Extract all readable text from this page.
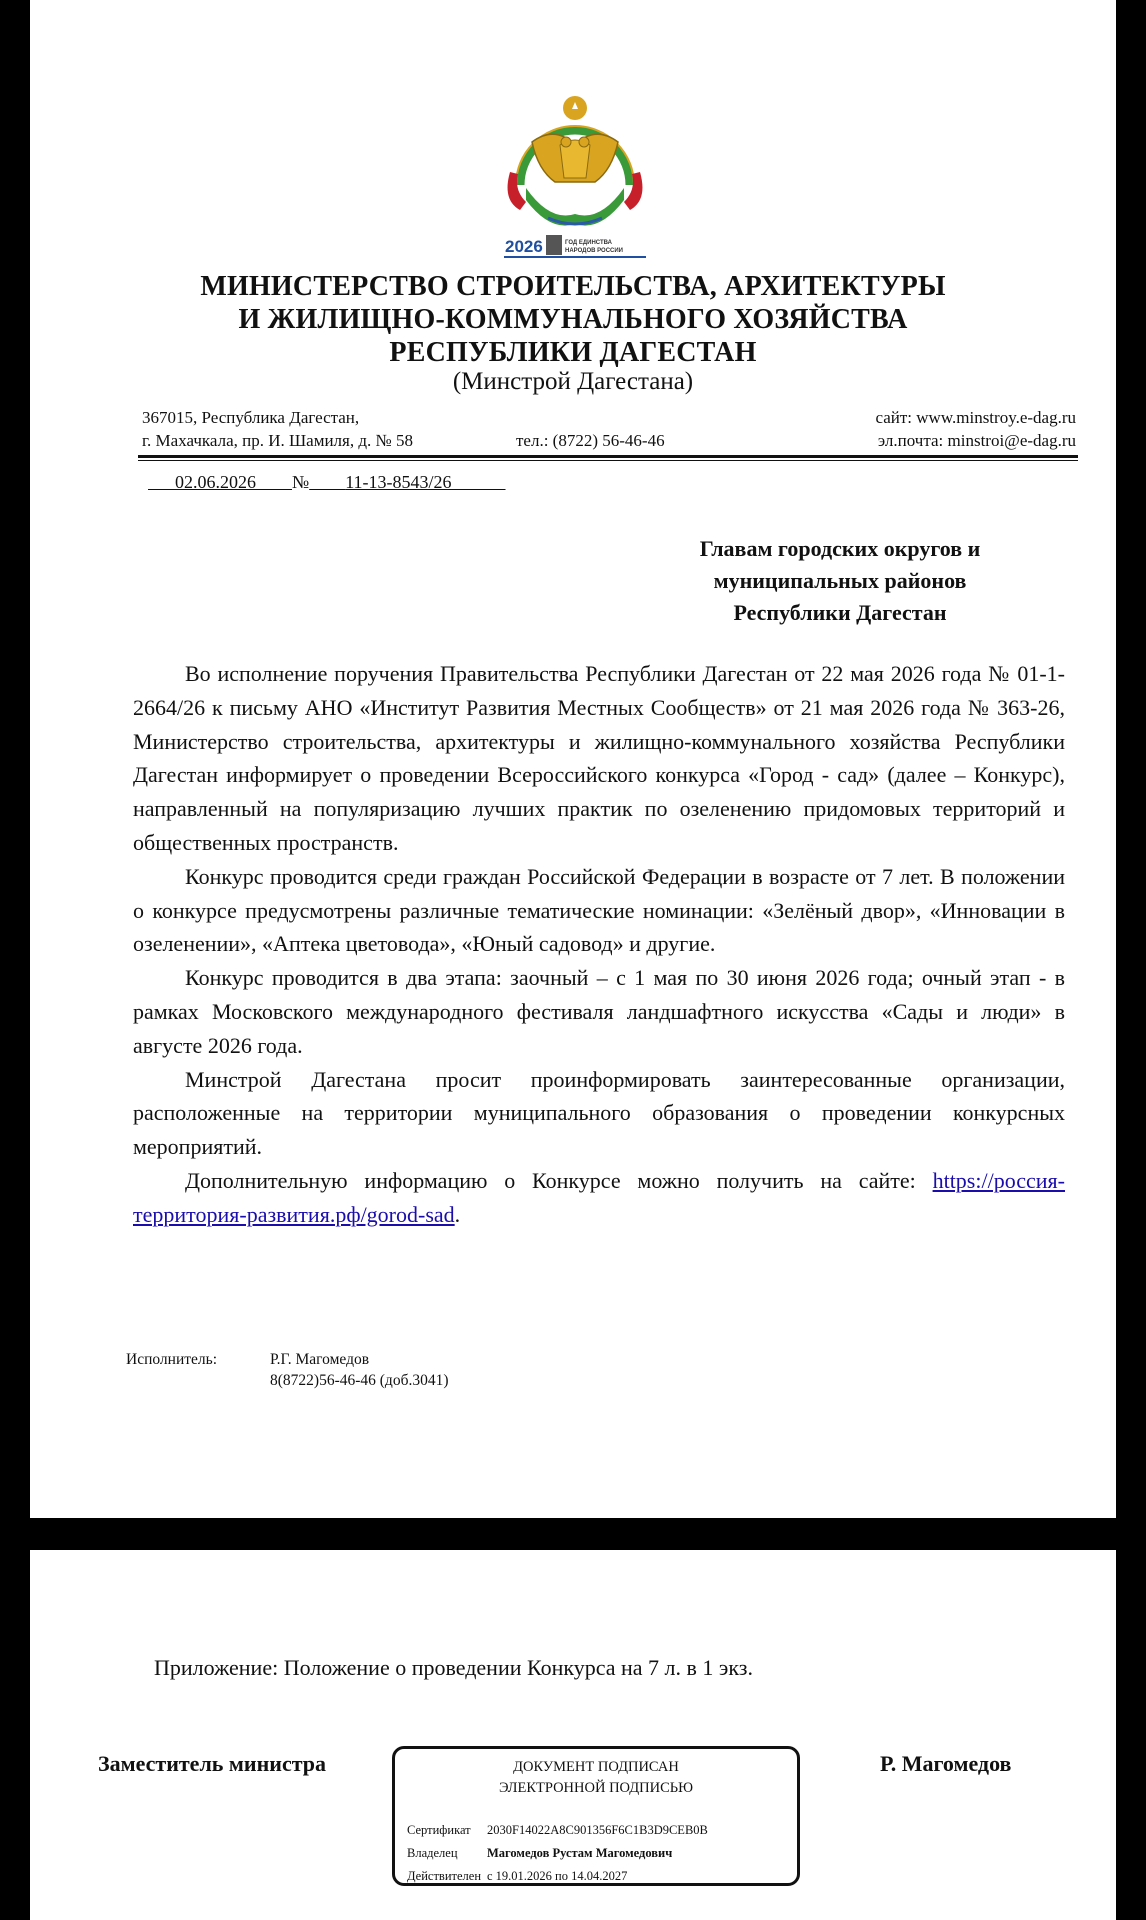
2026	ГОД ЕДИНСТВА
НАРОДОВ РОССИИ
МИНИСТЕРСТВО СТРОИТЕЛЬСТВА, АРХИТЕКТУРЫ
И ЖИЛИЩНО-КОММУНАЛЬНОГО ХОЗЯЙСТВА
РЕСПУБЛИКИ ДАГЕСТАН
(Минстрой Дагестана)
367015, Республика Дагестан,
г. Махачкала, пр. И. Шамиля, д. № 58	тел.: (8722) 56-46-46
сайт: www.minstroy.e-dag.ru
эл.почта: minstroi@e-dag.ru
02.06.2026 № 11-13-8543/26
Главам городских округов и
муниципальных районов
Республики Дагестан

Во исполнение поручения Правительства Республики Дагестан от 22 мая 2026 года № 01-1-2664/26 к письму АНО «Институт Развития Местных Сообществ» от 21 мая 2026 года № 363-26, Министерство строительства, архитектуры и жилищно-коммунального хозяйства Республики Дагестан информирует о проведении Всероссийского конкурса «Город - сад» (далее – Конкурс), направленный на популяризацию лучших практик по озеленению придомовых территорий и общественных пространств.

Конкурс проводится среди граждан Российской Федерации в возрасте от 7 лет. В положении о конкурсе предусмотрены различные тематические номинации: «Зелёный двор», «Инновации в озеленении», «Аптека цветовода», «Юный садовод» и другие.

Конкурс проводится в два этапа: заочный – с 1 мая по 30 июня 2026 года; очный этап - в рамках Московского международного фестиваля ландшафтного искусства «Сады и люди» в августе 2026 года.

Минстрой Дагестана просит проинформировать заинтересованные организации, расположенные на территории муниципального образования о проведении конкурсных мероприятий.

Дополнительную информацию о Конкурсе можно получить на сайте: https://россия-территория-развития.рф/gorod-sad.

Исполнитель:	Р.Г. Магомедов
8(8722)56-46-46 (доб.3041)
Приложение: Положение о проведении Конкурса на 7 л. в 1 экз.
Заместитель министра	Р. Магомедов
ДОКУМЕНТ ПОДПИСАН
ЭЛЕКТРОННОЙ ПОДПИСЬЮ
Сертификат 2030F14022A8C901356F6C1B3D9CEB0B
Владелец Магомедов Рустам Магомедович
Действителен с 19.01.2026 по 14.04.2027
